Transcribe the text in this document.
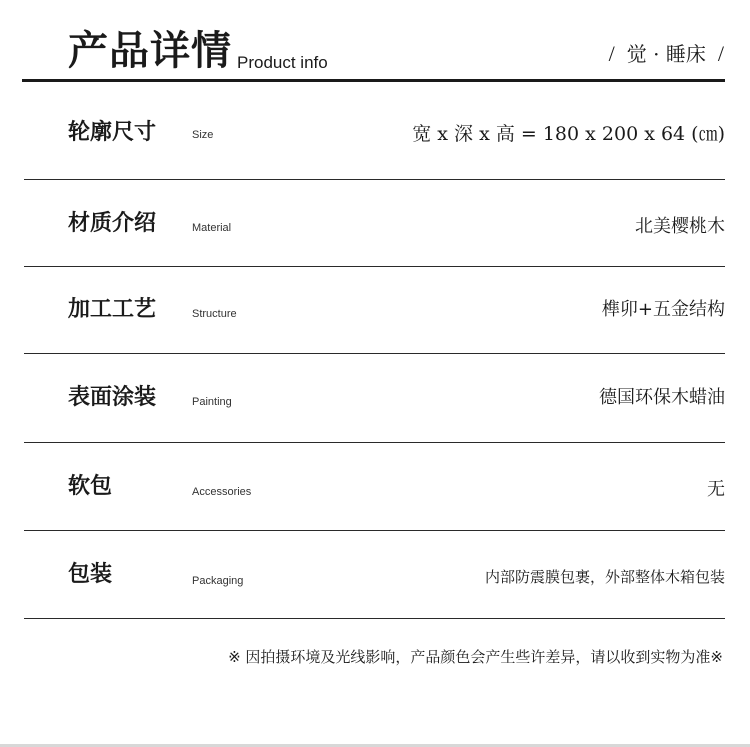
产品详情 Product info	/ 觉 · 睡床 /
轮廓尺寸	Size	宽 x 深 x 高 = 180 x 200 x 64 (㎝)
材质介绍	Material	北美樱桃木
加工工艺	Structure	榫卯+五金结构
表面涂装	Painting	德国环保木蜡油
软包	Accessories	无
包装	Packaging	内部防震膜包裹，外部整体木箱包装
※ 因拍摄环境及光线影响，产品颜色会产生些许差异，请以收到实物为准※
